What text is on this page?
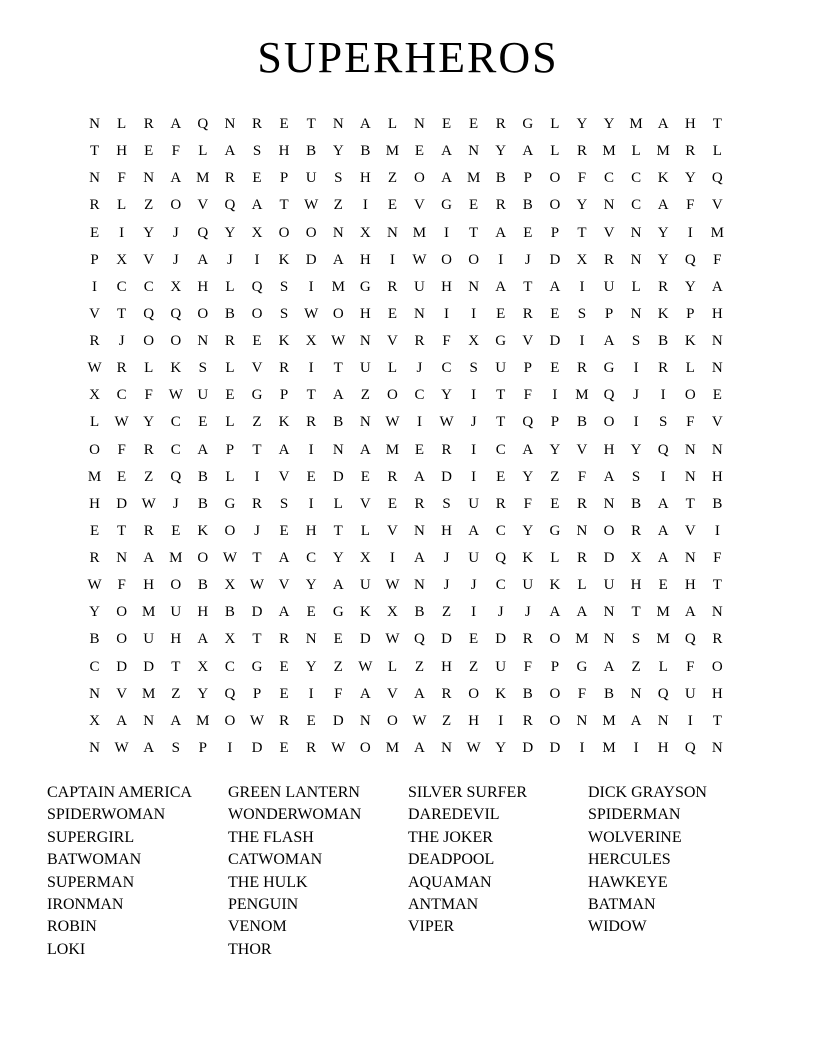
SUPERHEROS
N	L	R	A	Q	N	R	E	T	N	A	L	N	E	E	R	G	L	Y	Y M A	H	T
T	H	E	F	L	A	S	H	B	Y	B	M	E	A	N	Y	A	L	R	M	L	M	R	L
N	F	N	A M	R	E	P	U	S	H	Z	O	A M	B	P	O	F	C	C	K	Y	Q
R	L	Z	O	V	Q	A	T	W	Z	I	E	V	G	E	R	B	O	Y	N	C	A	F	V
E	I	Y	J	Q	Y	X	O	O	N	X	N M	I	T	A	E	P	T	V	N	Y	I	M
P	X	V	J	A	J	I	K	D	A	H	I	W O	O	I	J	D	X	R	N	Y	Q	F
I	C	C	X	H	L	Q	S	I	M G	R	U	H	N	A	T	A	I	U	L	R	Y	A
V	T	Q	Q	O	B	O	S	W O	H	E	N	I	I	E	R	E	S	P	N	K	P	H
R	J	O	O	N	R	E	K	X W N	V	R	F	X	G	V	D	I	A	S	B	K	N
W R	L	K	S	L	V	R	I	T	U	L	J	C	S	U	P	E	R	G	I	R	L	N
X	C	F	W U	E	G	P	T	A	Z	O	C	Y	I	T	F	I	M Q	J	I	O	E
L	W Y	C	E	L	Z	K	R	B	N W	I	W	J	T	Q	P	B	O	I	S	F	V
O	F	R	C	A	P	T	A	I	N	A M	E	R	I	C	A	Y	V	H	Y	Q	N	N
M	E	Z	Q	B	L	I	V	E	D	E	R	A	D	I	E	Y	Z	F	A	S	I	N	H
H	D W	J	B	G	R	S	I	L	V	E	R	S	U	R	F	E	R	N	B	A	T	B
E	T	R	E	K	O	J	E	H	T	L	V	N	H	A	C	Y	G	N	O	R	A	V	I
R	N	A M O W	T	A	C	Y	X	I	A	J	U	Q	K	L	R	D	X	A	N	F
W	F	H	O	B	X W V	Y	A	U W N	J	J	C	U	K	L	U	H	E	H	T
Y	O M U	H	B	D	A	E	G	K	X	B	Z	I	J	J	A	A	N	T	M A	N
B	O	U	H	A	X	T	R	N	E	D W Q	D	E	D	R	O M N	S	M Q	R
C	D	D	T	X	C	G	E	Y	Z	W	L	Z	H	Z	U	F	P	G	A	Z	L	F	O
N	V M	Z	Y	Q	P	E	I	F	A	V	A	R	O	K	B	O	F	B	N	Q	U	H
X	A	N	A M O W R	E	D	N	O W	Z	H	I	R	O	N M A	N	I	T
N W A	S	P	I	D	E	R W O M A	N W Y	D	D	I	M	I	H	Q	N
CAPTAIN AMERICA
SPIDERWOMAN
SUPERGIRL
BATWOMAN
SUPERMAN
IRONMAN
ROBIN
LOKI
GREEN LANTERN
WONDERWOMAN
THE FLASH
CATWOMAN
THE HULK
PENGUIN
VENOM
THOR
SILVER SURFER
DAREDEVIL
THE JOKER
DEADPOOL
AQUAMAN
ANTMAN
VIPER
DICK GRAYSON
SPIDERMAN
WOLVERINE
HERCULES
HAWKEYE
BATMAN
WIDOW
